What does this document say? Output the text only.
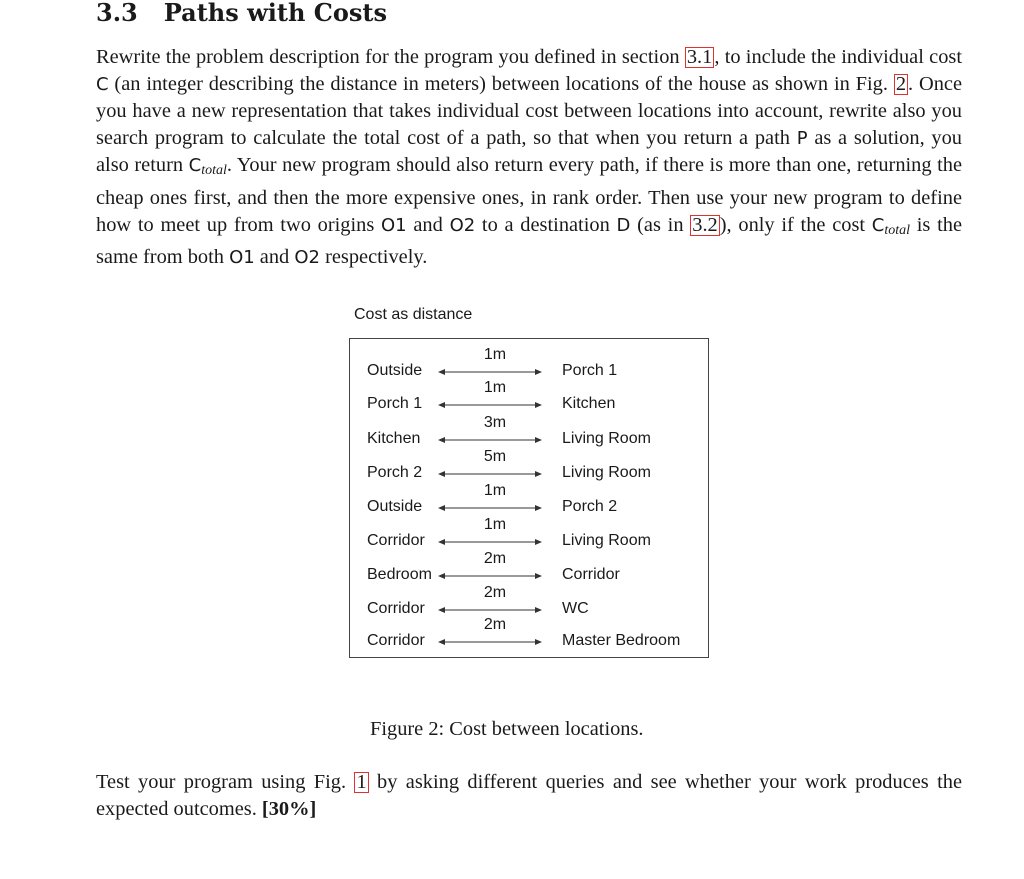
3.3 Paths with Costs
Rewrite the problem description for the program you defined in section 3.1, to include the individual cost C (an integer describing the distance in meters) between locations of the house as shown in Fig. 2. Once you have a new representation that takes individual cost between locations into account, rewrite also you search program to calculate the total cost of a path, so that when you return a path P as a solution, you also return $C_{total}$. Your new program should also return every path, if there is more than one, returning the cheap ones first, and then the more expensive ones, in rank order. Then use your new program to define how to meet up from two origins O1 and O2 to a destination D (as in 3.2), only if the cost $C_{total}$ is the same from both O1 and O2 respectively.
Cost as distance
Outside
1m
Porch 1
Porch 1
1m
Kitchen
Kitchen
3m
Living Room
Porch 2
5m
Living Room
Outside
1m
Porch 2
Corridor
1m
Living Room
Bedroom
2m
Corridor
Corridor
2m
WC
Corridor
2m
Master Bedroom
Figure 2: Cost between locations.
Test your program using Fig. 1 by asking different queries and see whether your work produces the expected outcomes. [30%]
